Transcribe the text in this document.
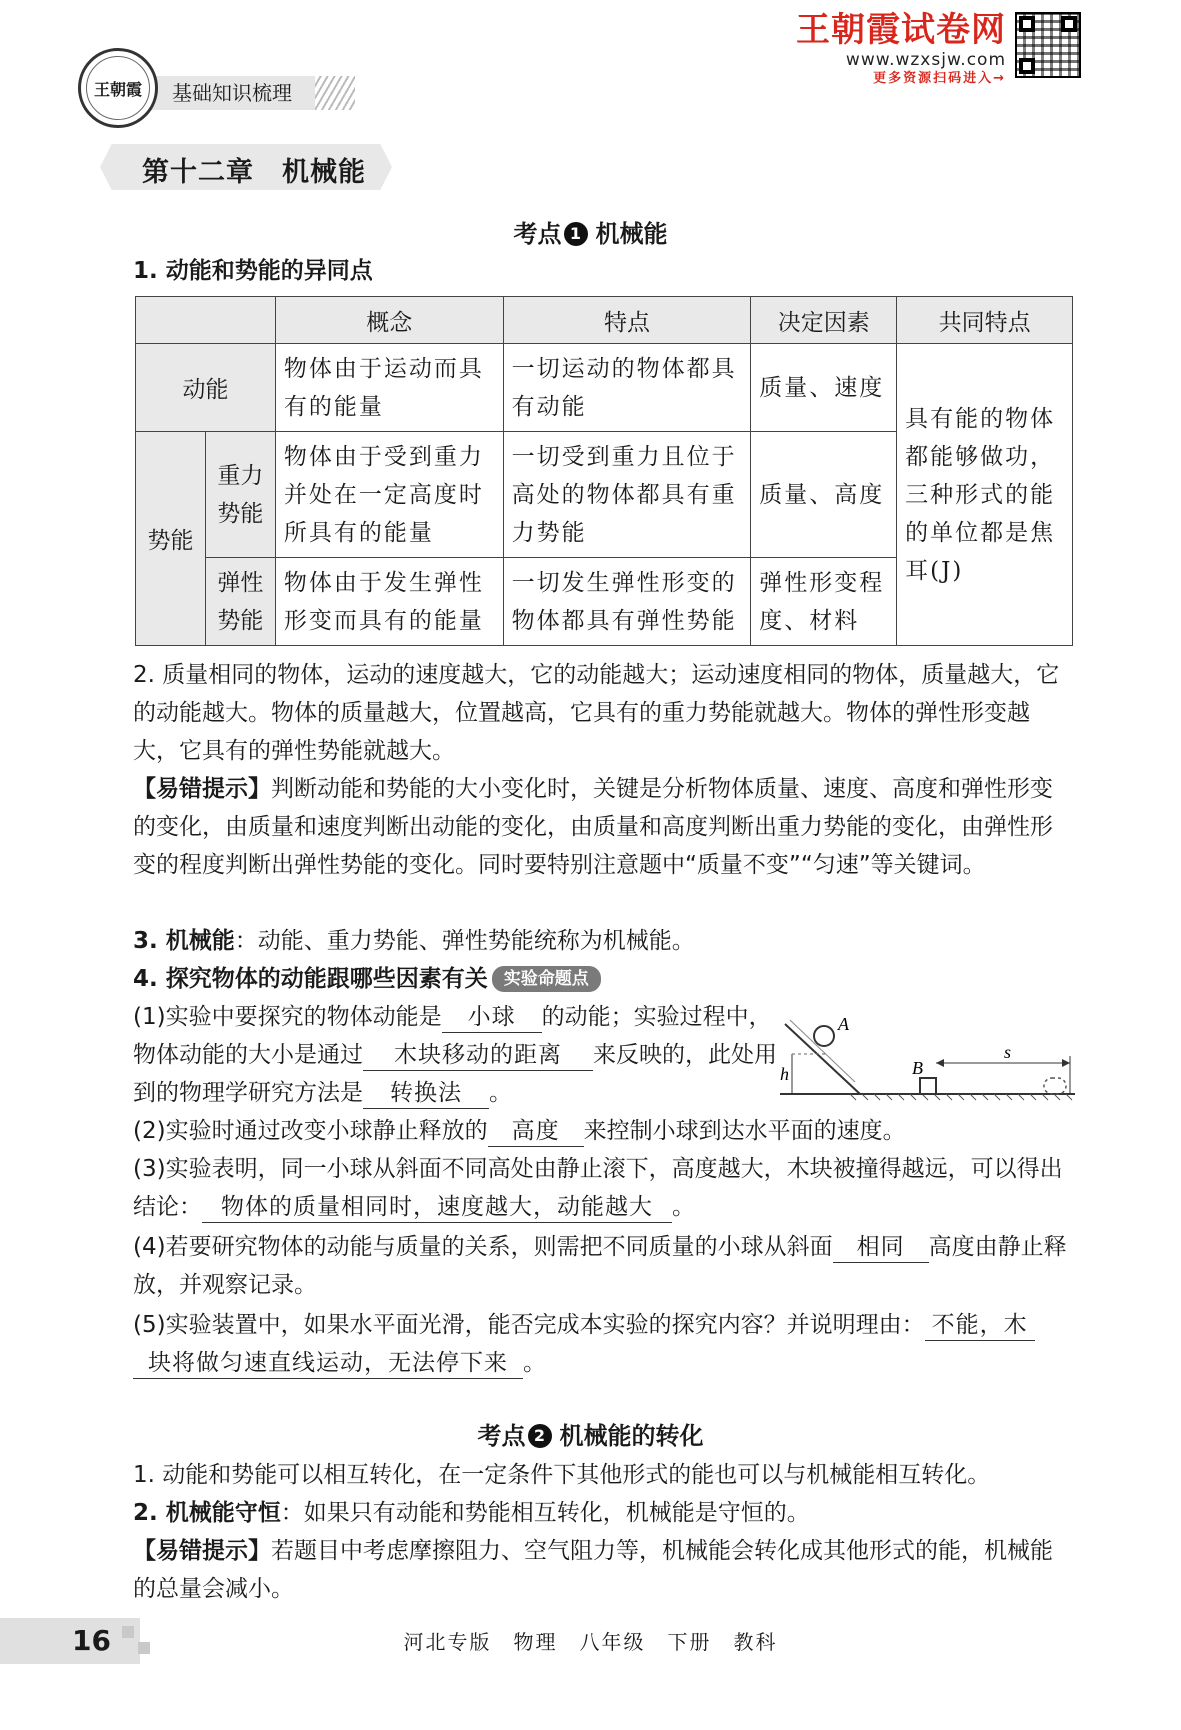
基础知识梳理
王朝霞
王朝霞试卷网
www.wzxsjw.com
更多资源扫码进入→
第十二章　机械能
考点 1 机械能
1. 动能和势能的异同点
		概念	特点	决定因素	共同特点
动能		物体由于运动而具有的能量	一切运动的物体都具有动能	质量、速度	具有能的物体都能够做功，三种形式的能的单位都是焦耳(J)
势能	重力势能	物体由于受到重力并处在一定高度时所具有的能量	一切受到重力且位于高处的物体都具有重力势能	质量、高度	
	弹性势能	物体由于发生弹性形变而具有的能量	一切发生弹性形变的物体都具有弹性势能	弹性形变程度、材料	
2. 质量相同的物体，运动的速度越大，它的动能越大；运动速度相同的物体，质量越大，它的动能越大。物体的质量越大，位置越高，它具有的重力势能就越大。物体的弹性形变越大，它具有的弹性势能就越大。
【易错提示】判断动能和势能的大小变化时，关键是分析物体质量、速度、高度和弹性形变的变化，由质量和速度判断出动能的变化，由质量和高度判断出重力势能的变化，由弹性形变的程度判断出弹性势能的变化。同时要特别注意题中“质量不变”“匀速”等关键词。
3. 机械能：动能、重力势能、弹性势能统称为机械能。
4. 探究物体的动能跟哪些因素有关 实验命题点
(1)实验中要探究的物体动能是 小球 的动能；实验过程中，物体动能的大小是通过 木块移动的距离 来反映的，此处用到的物理学研究方法是 转换法 。
A
h	B
s
(2)实验时通过改变小球静止释放的 高度 来控制小球到达水平面的速度。
(3)实验表明，同一小球从斜面不同高处由静止滚下，高度越大，木块被撞得越远，可以得出结论： 物体的质量相同时，速度越大，动能越大 。
(4)若要研究物体的动能与质量的关系，则需把不同质量的小球从斜面 相同 高度由静止释放，并观察记录。
(5)实验装置中，如果水平面光滑，能否完成本实验的探究内容？并说明理由： 不能，木块将做匀速直线运动，无法停下来 。
考点 2 机械能的转化
1. 动能和势能可以相互转化，在一定条件下其他形式的能也可以与机械能相互转化。
2. 机械能守恒：如果只有动能和势能相互转化，机械能是守恒的。
【易错提示】若题目中考虑摩擦阻力、空气阻力等，机械能会转化成其他形式的能，机械能的总量会减小。
16	河北专版　物理　八年级　下册　教科
